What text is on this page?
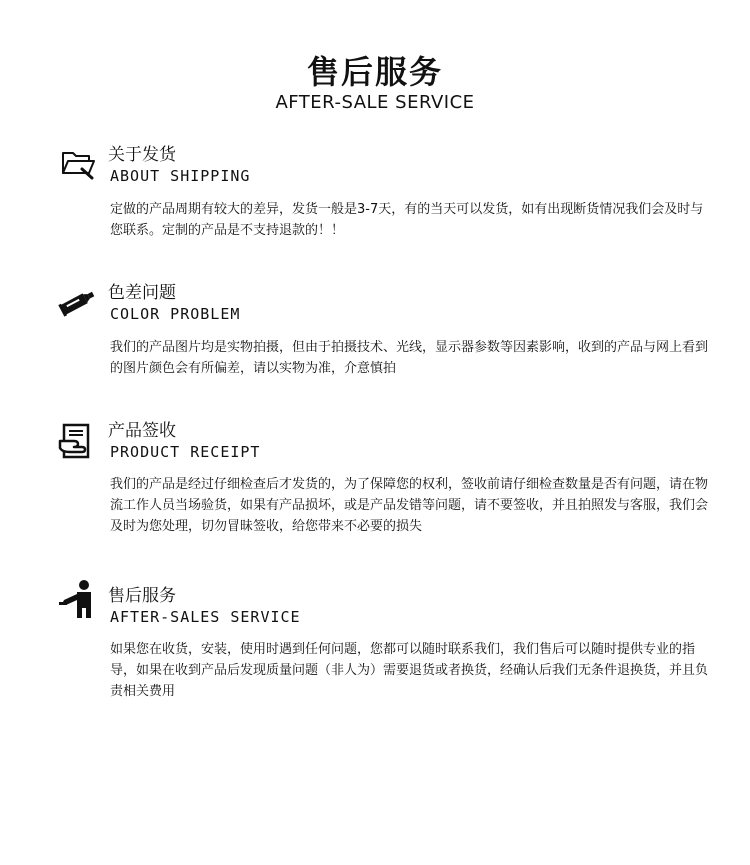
售后服务
AFTER-SALE SERVICE
关于发货
ABOUT SHIPPING
定做的产品周期有较大的差异，发货一般是3-7天，有的当天可以发货，如有出现断货情况我们会及时与您联系。定制的产品是不支持退款的！！
色差问题
COLOR PROBLEM
我们的产品图片均是实物拍摄，但由于拍摄技术、光线，显示器参数等因素影响，收到的产品与网上看到的图片颜色会有所偏差，请以实物为准，介意慎拍
产品签收
PRODUCT RECEIPT
我们的产品是经过仔细检查后才发货的，为了保障您的权利，签收前请仔细检查数量是否有问题，请在物流工作人员当场验货，如果有产品损坏，或是产品发错等问题，请不要签收，并且拍照发与客服，我们会及时为您处理，切勿冒昧签收，给您带来不必要的损失
售后服务
AFTER-SALES SERVICE
如果您在收货，安装，使用时遇到任何问题，您都可以随时联系我们，我们售后可以随时提供专业的指导，如果在收到产品后发现质量问题（非人为）需要退货或者换货，经确认后我们无条件退换货，并且负责相关费用
